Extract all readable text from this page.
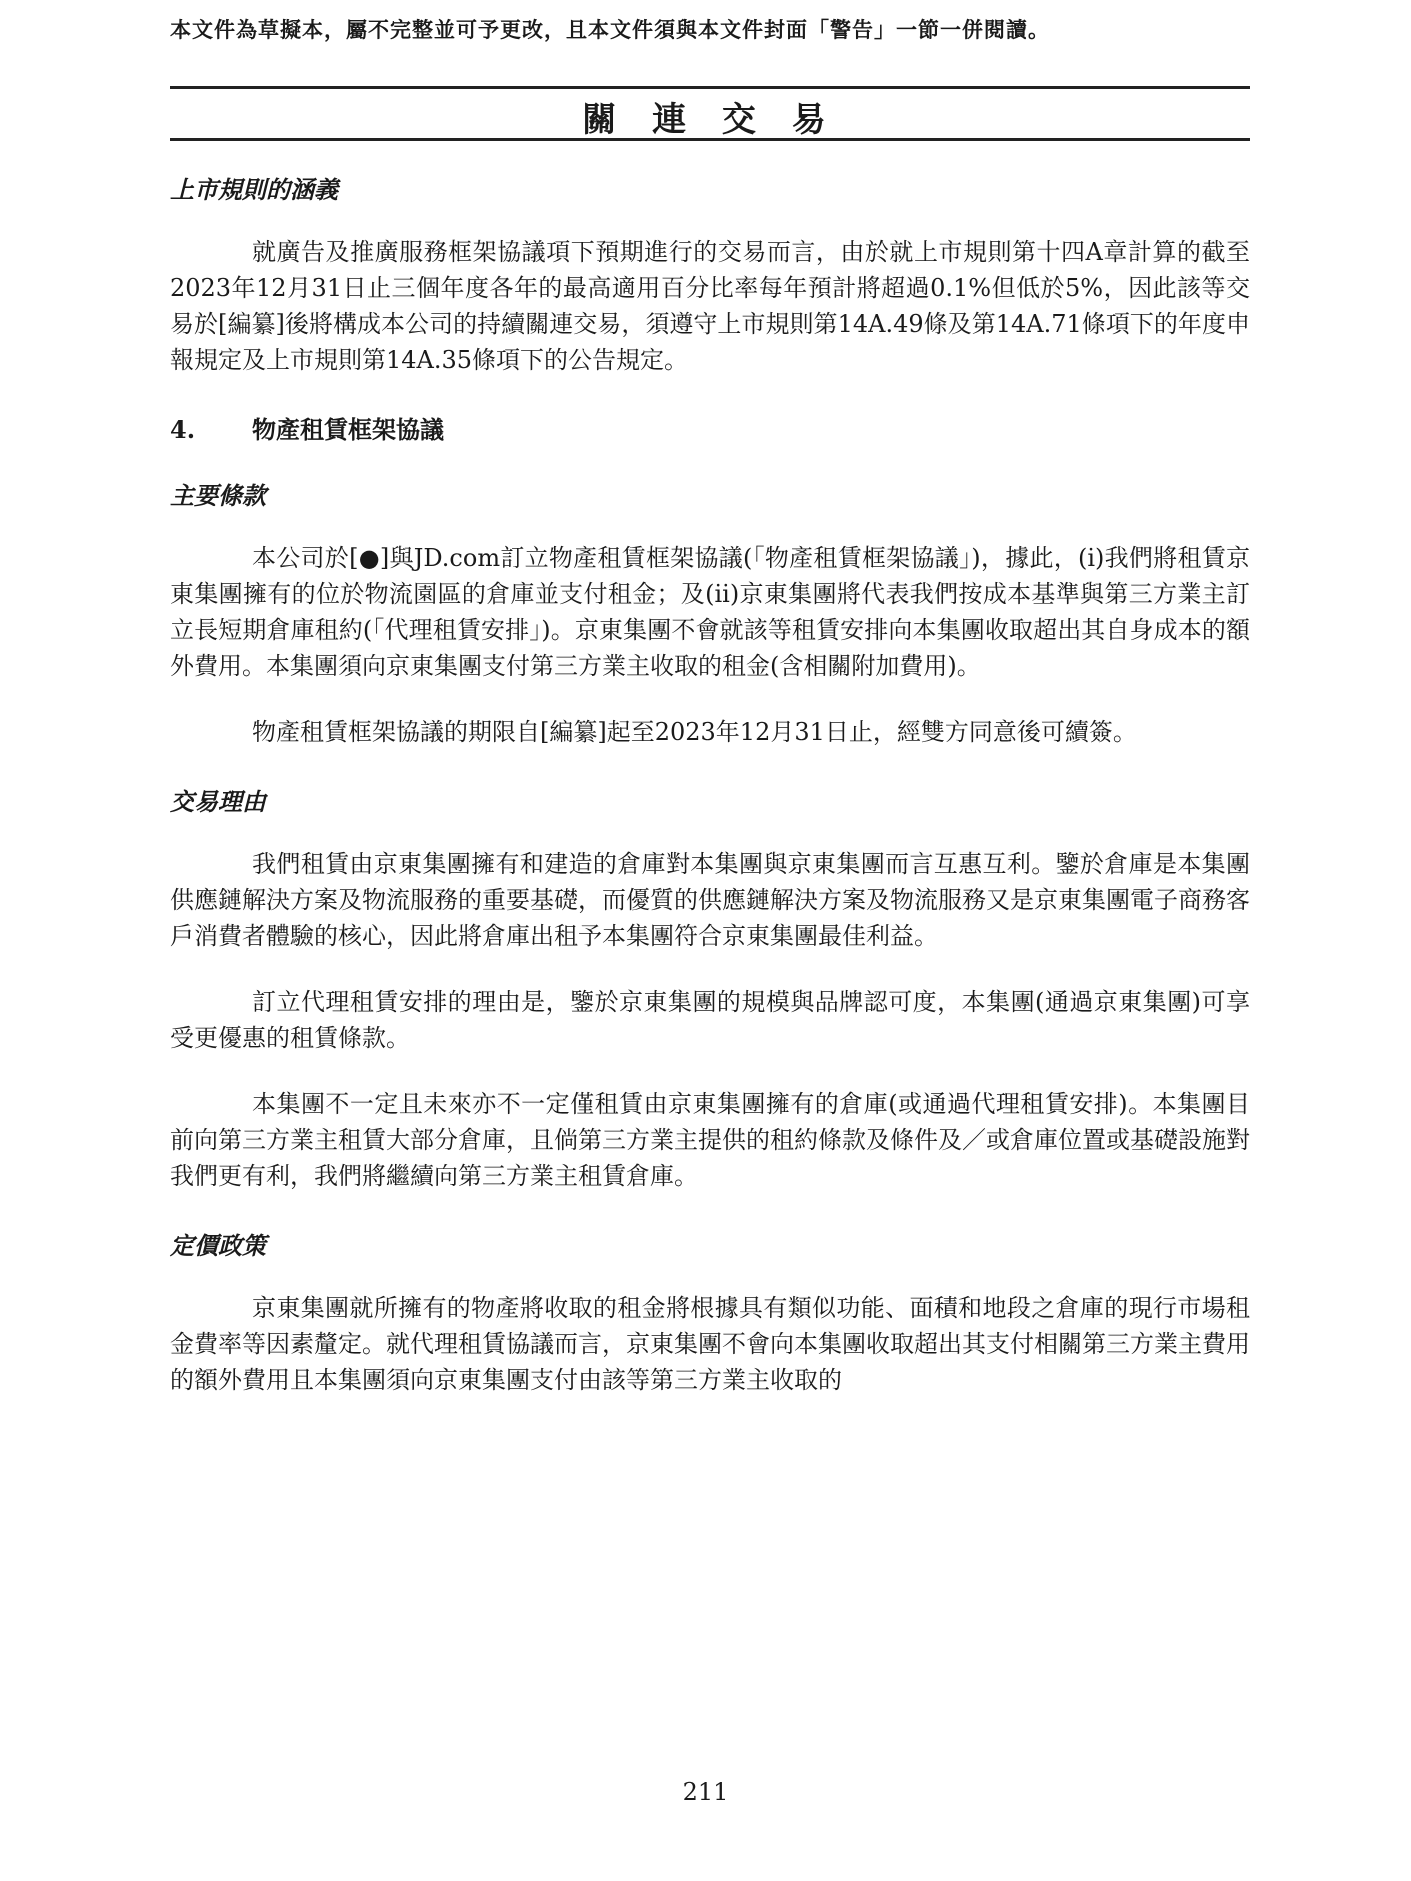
本文件為草擬本，屬不完整並可予更改，且本文件須與本文件封面「警告」一節一併閱讀。
關 連 交 易

上市規則的涵義

就廣告及推廣服務框架協議項下預期進行的交易而言，由於就上市規則第十四A章計算的截至2023年12月31日止三個年度各年的最高適用百分比率每年預計將超過0.1%但低於5%，因此該等交易於[編纂]後將構成本公司的持續關連交易，須遵守上市規則第14A.49條及第14A.71條項下的年度申報規定及上市規則第14A.35條項下的公告規定。

4.	物產租賃框架協議

主要條款

本公司於[●]與JD.com訂立物產租賃框架協議(「物產租賃框架協議」)，據此，(i)我們將租賃京東集團擁有的位於物流園區的倉庫並支付租金；及(ii)京東集團將代表我們按成本基準與第三方業主訂立長短期倉庫租約(「代理租賃安排」)。京東集團不會就該等租賃安排向本集團收取超出其自身成本的額外費用。本集團須向京東集團支付第三方業主收取的租金(含相關附加費用)。

物產租賃框架協議的期限自[編纂]起至2023年12月31日止，經雙方同意後可續簽。

交易理由

我們租賃由京東集團擁有和建造的倉庫對本集團與京東集團而言互惠互利。鑒於倉庫是本集團供應鏈解決方案及物流服務的重要基礎，而優質的供應鏈解決方案及物流服務又是京東集團電子商務客戶消費者體驗的核心，因此將倉庫出租予本集團符合京東集團最佳利益。

訂立代理租賃安排的理由是，鑒於京東集團的規模與品牌認可度，本集團(通過京東集團)可享受更優惠的租賃條款。

本集團不一定且未來亦不一定僅租賃由京東集團擁有的倉庫(或通過代理租賃安排)。本集團目前向第三方業主租賃大部分倉庫，且倘第三方業主提供的租約條款及條件及／或倉庫位置或基礎設施對我們更有利，我們將繼續向第三方業主租賃倉庫。

定價政策

京東集團就所擁有的物產將收取的租金將根據具有類似功能、面積和地段之倉庫的現行市場租金費率等因素釐定。就代理租賃協議而言，京東集團不會向本集團收取超出其支付相關第三方業主費用的額外費用且本集團須向京東集團支付由該等第三方業主收取的

211
